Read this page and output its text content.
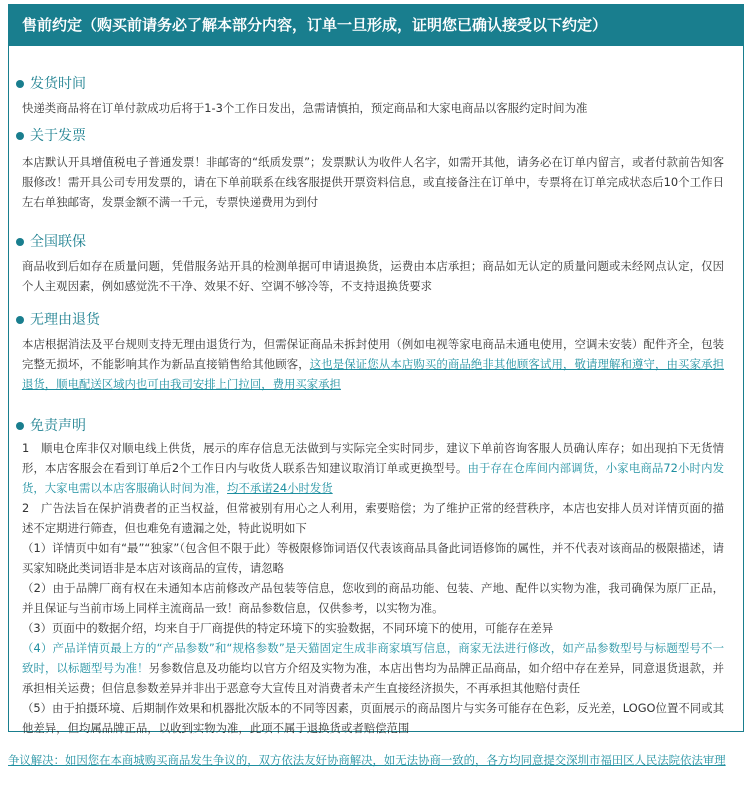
售前约定（购买前请务必了解本部分内容，订单一旦形成，证明您已确认接受以下约定）
发货时间
快递类商品将在订单付款成功后将于1-3个工作日发出，急需请慎拍，预定商品和大家电商品以客服约定时间为准
关于发票
本店默认开具增值税电子普通发票！非邮寄的“纸质发票”；发票默认为收件人名字，如需开其他，请务必在订单内留言，或者付款前告知客服修改！需开具公司专用发票的，请在下单前联系在线客服提供开票资料信息，或直接备注在订单中，专票将在订单完成状态后10个工作日左右单独邮寄，发票金额不满一千元，专票快递费用为到付
全国联保
商品收到后如存在质量问题，凭借服务站开具的检测单据可申请退换货，运费由本店承担；商品如无认定的质量问题或未经网点认定，仅因个人主观因素，例如感觉洗不干净、效果不好、空调不够冷等，不支持退换货要求
无理由退货
本店根据消法及平台规则支持无理由退货行为，但需保证商品未拆封使用（例如电视等家电商品未通电使用，空调未安装）配件齐全，包装完整无损坏，不能影响其作为新品直接销售给其他顾客，这也是保证您从本店购买的商品绝非其他顾客试用，敬请理解和遵守，由买家承担退货，顺电配送区域内也可由我司安排上门拉回，费用买家承担
免责声明
1　顺电仓库非仅对顺电线上供货，展示的库存信息无法做到与实际完全实时同步，建议下单前咨询客服人员确认库存；如出现拍下无货情形，本店客服会在看到订单后2个工作日内与收货人联系告知建议取消订单或更换型号。由于存在仓库间内部调货，小家电商品72小时内发货，大家电需以本店客服确认时间为准，均不承诺24小时发货
2　广告法旨在保护消费者的正当权益，但常被别有用心之人利用，索要赔偿；为了维护正常的经营秩序，本店也安排人员对详情页面的描述不定期进行筛查，但也难免有遗漏之处，特此说明如下
（1）详情页中如有“最”“独家”（包含但不限于此）等极限修饰词语仅代表该商品具备此词语修饰的属性，并不代表对该商品的极限描述，请买家知晓此类词语非是本店对该商品的宣传，请忽略
（2）由于品牌厂商有权在未通知本店前修改产品包装等信息，您收到的商品功能、包装、产地、配件以实物为准，我司确保为原厂正品，并且保证与当前市场上同样主流商品一致！商品参数信息，仅供参考，以实物为准。
（3）页面中的数据介绍，均来自于厂商提供的特定环境下的实验数据，不同环境下的使用，可能存在差异
（4）产品详情页最上方的“产品参数”和“规格参数”是天猫固定生成非商家填写信息，商家无法进行修改，如产品参数型号与标题型号不一致时，以标题型号为准！另参数信息及功能均以官方介绍及实物为准，本店出售均为品牌正品商品，如介绍中存在差异，同意退货退款，并承担相关运费；但信息参数差异并非出于恶意夸大宣传且对消费者未产生直接经济损失，不再承担其他赔付责任
（5）由于拍摄环境、后期制作效果和机器批次版本的不同等因素，页面展示的商品图片与实务可能存在色彩，反光差，LOGO位置不同或其他差异，但均属品牌正品，以收到实物为准，此项不属于退换货或者赔偿范围
争议解决：如因您在本商城购买商品发生争议的，双方依法友好协商解决，如无法协商一致的，各方均同意提交深圳市福田区人民法院依法审理
